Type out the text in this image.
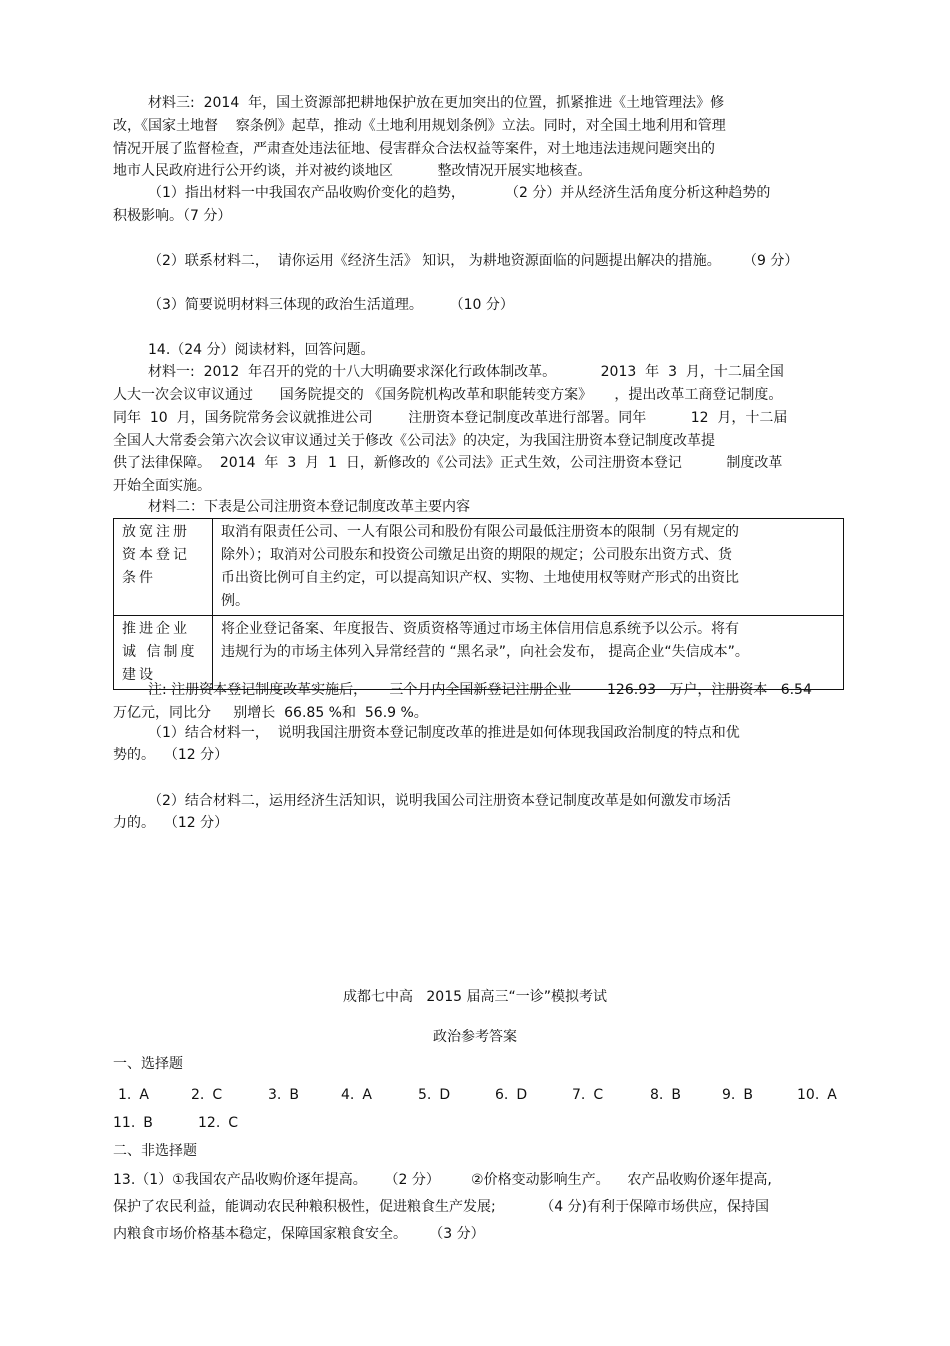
材料三:  2014  年，国土资源部把耕地保护放在更加突出的位置，抓紧推进《土地管理法》修
改，《国家土地督    察条例》起草，推动《土地利用规划条例》立法。同时，对全国土地利用和管理
情况开展了监督检查，严肃查处违法征地、侵害群众合法权益等案件，对土地违法违规问题突出的
地市人民政府进行公开约谈，并对被约谈地区          整改情况开展实地核查。
（1）指出材料一中我国农产品收购价变化的趋势，         （2 分）并从经济生活角度分析这种趋势的
积极影响。（7 分）
（2）联系材料二，  请你运用《经济生活》 知识， 为耕地资源面临的问题提出解决的措施。     （9 分）
（3）简要说明材料三体现的政治生活道理。      （10 分）
14.（24 分）阅读材料，回答问题。
材料一:  2012  年召开的党的十八大明确要求深化行政体制改革。          2013  年  3  月，十二届全国
人大一次会议审议通过      国务院提交的 《国务院机构改革和职能转变方案》     ，提出改革工商登记制度。
同年  10  月，国务院常务会议就推进公司        注册资本登记制度改革进行部署。同年          12  月，十二届
全国人大常委会第六次会议审议通过关于修改《公司法》的决定，为我国注册资本登记制度改革提
供了法律保障。  2014  年  3  月  1  日，新修改的《公司法》正式生效，公司注册资本登记          制度改革
开始全面实施。
材料二：下表是公司注册资本登记制度改革主要内容
放宽注册
资本登记
条件	取消有限责任公司、一人有限公司和股份有限公司最低注册资本的限制（另有规定的
除外）；取消对公司股东和投资公司缴足出资的期限的规定；公司股东出资方式、货
币出资比例可自主约定，可以提高知识产权、实物、土地使用权等财产形式的出资比
例。
推进企业
诚 信制度
建设	将企业登记备案、年度报告、资质资格等通过市场主体信用信息系统予以公示。将有
违规行为的市场主体列入异常经营的 “黑名录”，向社会发布， 提高企业“失信成本”。
注: 注册资本登记制度改革实施后，     三个月内全国新登记注册企业        126.93   万户，注册资本   6.54
万亿元，同比分     别增长  66.85 %和  56.9 %。
（1）结合材料一，  说明我国注册资本登记制度改革的推进是如何体现我国政治制度的特点和优
势的。  （12 分）
（2）结合材料二，运用经济生活知识，说明我国公司注册资本登记制度改革是如何激发市场活
力的。  （12 分）
成都七中高   2015 届高三“一诊”模拟考试
政治参考答案
一、选择题
1. A	2. C	3. B	4. A	5. D	6. D	7. C	8. B	9. B	10. A
11. B	12. C
二、非选择题
13.（1）①我国农产品收购价逐年提高。    （2 分）       ②价格变动影响生产。    农产品收购价逐年提高,
保护了农民利益，能调动农民种粮积极性，促进粮食生产发展;          （4 分)有利于保障市场供应，保持国
内粮食市场价格基本稳定，保障国家粮食安全。     （3 分）
